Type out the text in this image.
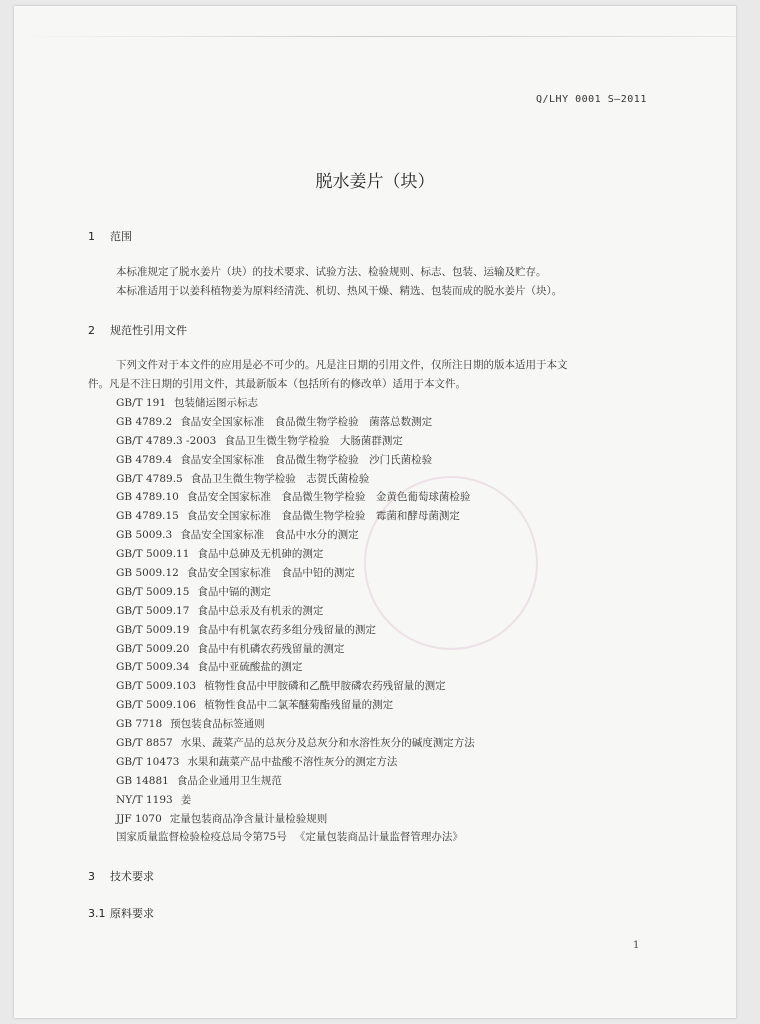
Q/LHY 0001 S—2011
脱水姜片（块）
1 范围
本标准规定了脱水姜片（块）的技术要求、试验方法、检验规则、标志、包装、运输及贮存。
本标准适用于以姜科植物姜为原料经清洗、机切、热风干燥、精选、包装而成的脱水姜片（块）。
2 规范性引用文件
下列文件对于本文件的应用是必不可少的。凡是注日期的引用文件，仅所注日期的版本适用于本文
件。凡是不注日期的引用文件，其最新版本（包括所有的修改单）适用于本文件。
GB/T 191 包装储运图示标志
GB 4789.2 食品安全国家标准　食品微生物学检验　菌落总数测定
GB/T 4789.3 -2003 食品卫生微生物学检验　大肠菌群测定
GB 4789.4 食品安全国家标准　食品微生物学检验　沙门氏菌检验
GB/T 4789.5 食品卫生微生物学检验　志贺氏菌检验
GB 4789.10 食品安全国家标准　食品微生物学检验　金黄色葡萄球菌检验
GB 4789.15 食品安全国家标准　食品微生物学检验　霉菌和酵母菌测定
GB 5009.3 食品安全国家标准　食品中水分的测定
GB/T 5009.11 食品中总砷及无机砷的测定
GB 5009.12 食品安全国家标准　食品中铅的测定
GB/T 5009.15 食品中镉的测定
GB/T 5009.17 食品中总汞及有机汞的测定
GB/T 5009.19 食品中有机氯农药多组分残留量的测定
GB/T 5009.20 食品中有机磷农药残留量的测定
GB/T 5009.34 食品中亚硫酸盐的测定
GB/T 5009.103 植物性食品中甲胺磷和乙酰甲胺磷农药残留量的测定
GB/T 5009.106 植物性食品中二氯苯醚菊酯残留量的测定
GB 7718 预包装食品标签通则
GB/T 8857 水果、蔬菜产品的总灰分及总灰分和水溶性灰分的碱度测定方法
GB/T 10473 水果和蔬菜产品中盐酸不溶性灰分的测定方法
GB 14881 食品企业通用卫生规范
NY/T 1193 姜
JJF 1070 定量包装商品净含量计量检验规则
国家质量监督检验检疫总局令第75号 《定量包装商品计量监督管理办法》
3 技术要求
3.1 原料要求
1
